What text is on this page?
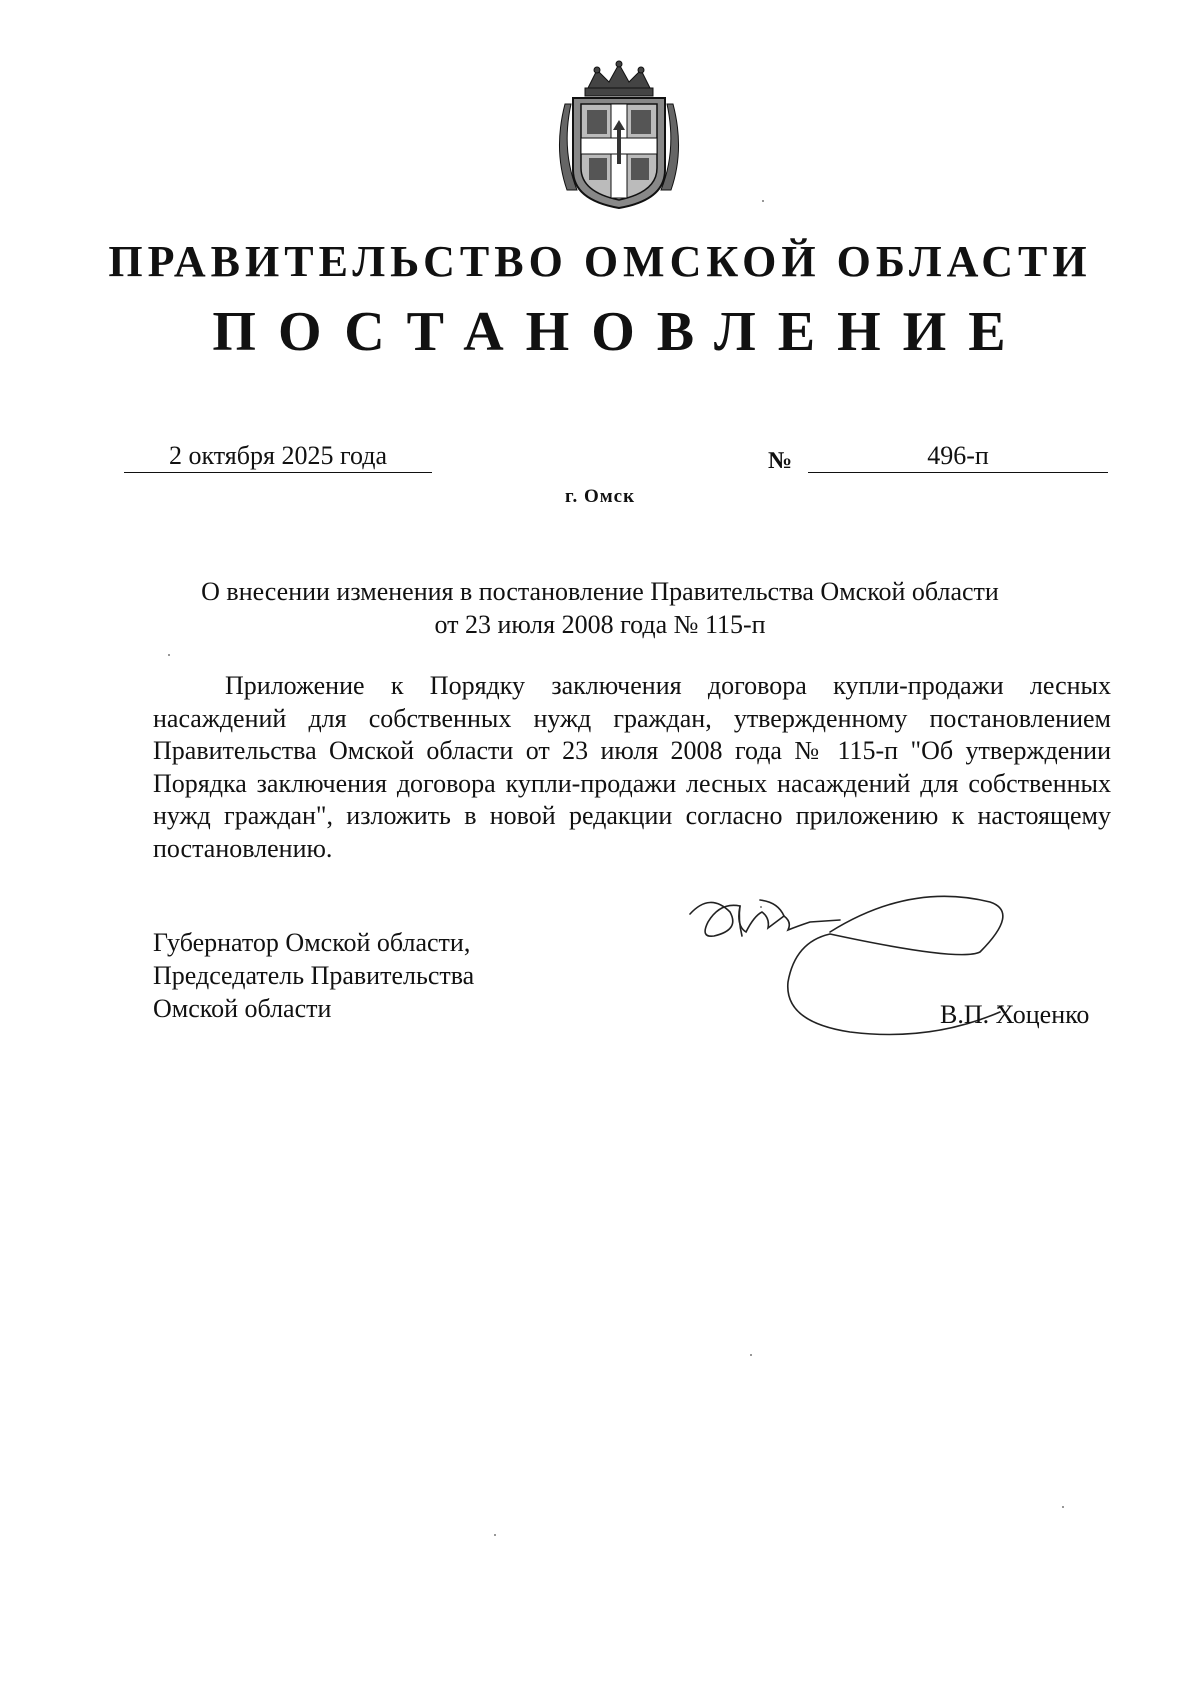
ПРАВИТЕЛЬСТВО ОМСКОЙ ОБЛАСТИ
ПОСТАНОВЛЕНИЕ
2 октября 2025 года	№	496-п
г. Омск
О внесении изменения в постановление Правительства Омской области
от 23 июля 2008 года № 115-п
Приложение к Порядку заключения договора купли-продажи лесных насаждений для собственных нужд граждан, утвержденному постановлением Правительства Омской области от 23 июля 2008 года № 115-п "Об утверждении Порядка заключения договора купли-продажи лесных насаждений для собственных нужд граждан", изложить в новой редакции согласно приложению к настоящему постановлению.
Губернатор Омской области,
Председатель Правительства
Омской области	В.П. Хоценко
